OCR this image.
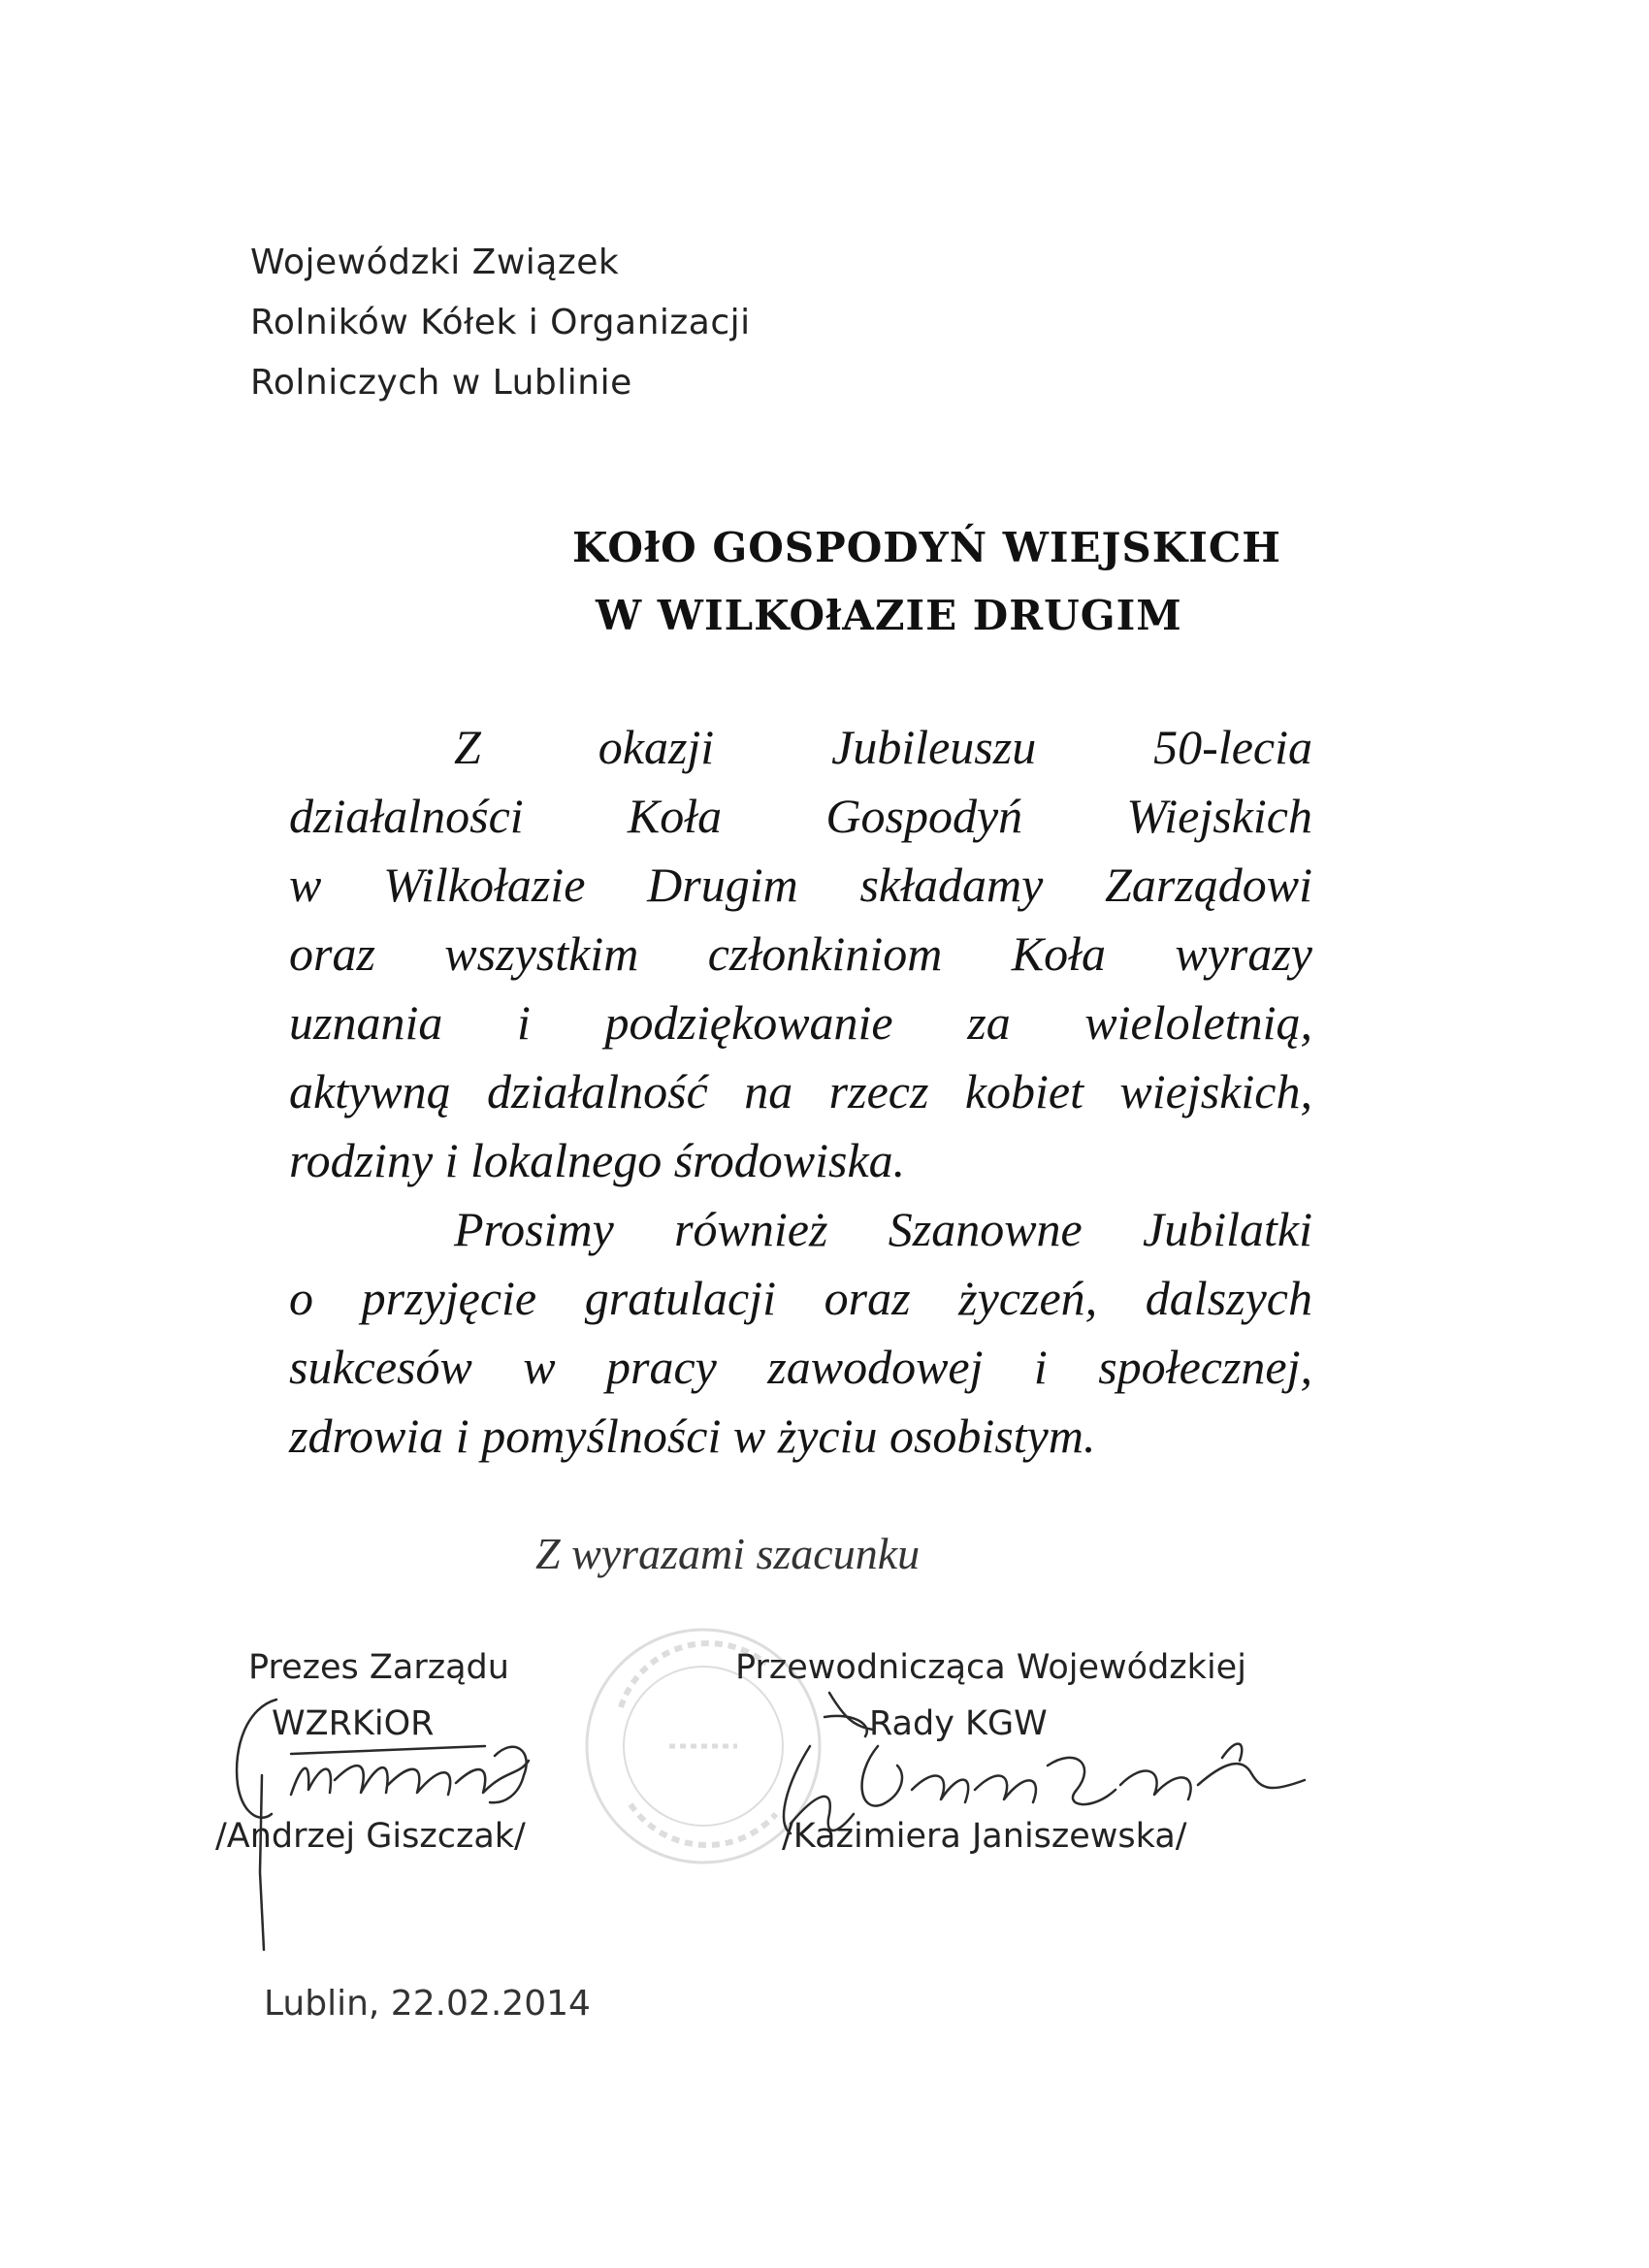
Wojewódzki Związek
Rolników Kółek i Organizacji
Rolniczych w Lublinie
KOłO GOSPODYŃ WIEJSKICH
W WILKOłAZIE DRUGIM
Z okazji Jubileuszu 50-lecia
działalności Koła Gospodyń Wiejskich
w Wilkołazie Drugim składamy Zarządowi
oraz wszystkim członkiniom Koła wyrazy
uznania i podziękowanie za wieloletnią,
aktywną działalność na rzecz kobiet wiejskich,
rodziny i lokalnego środowiska.
Prosimy również Szanowne Jubilatki
o przyjęcie gratulacji oraz życzeń, dalszych
sukcesów w pracy zawodowej i społecznej,
zdrowia i pomyślności w życiu osobistym.
Z wyrazami szacunku
Prezes Zarządu
WZRKiOR
/Andrzej Giszczak/
Przewodnicząca Wojewódzkiej
Rady KGW
/Kazimiera Janiszewska/
Lublin, 22.02.2014
